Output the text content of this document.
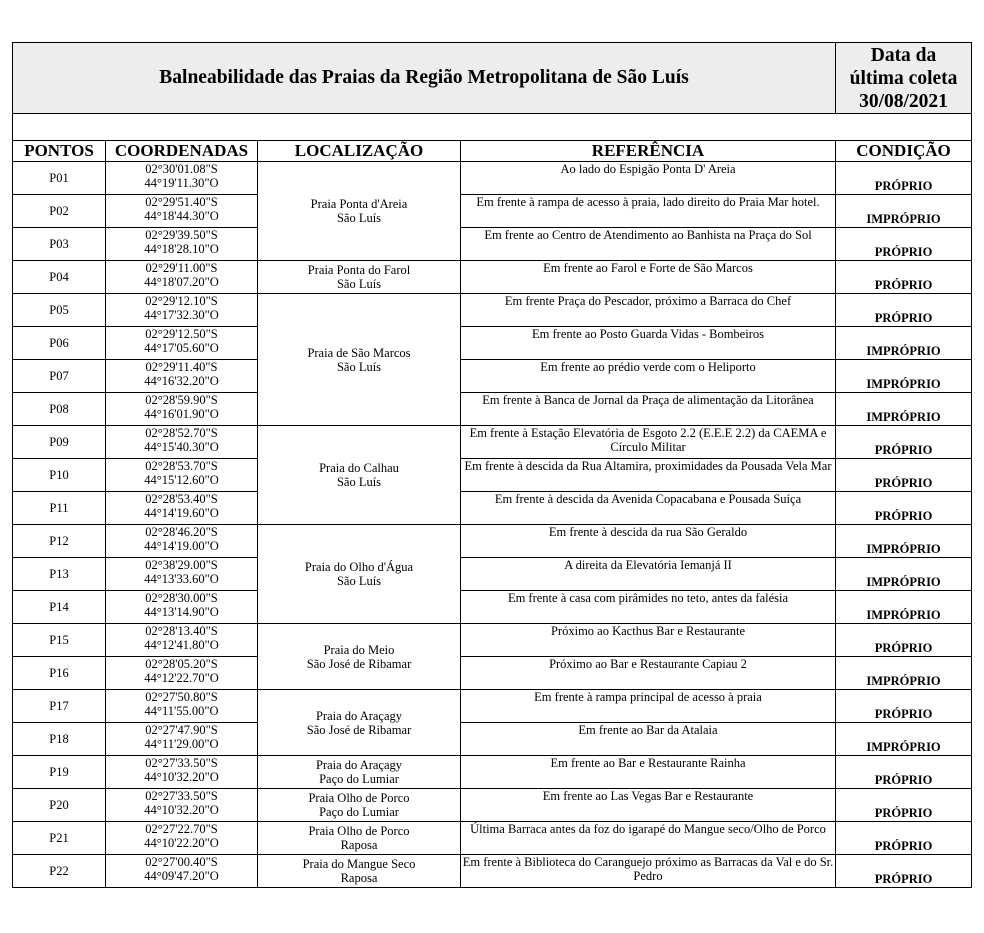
Balneabilidade das Praias da Região Metropolitana de São Luís				Data da
última coleta
30/08/2021

PONTOS	COORDENADAS	LOCALIZAÇÃO	REFERÊNCIA	CONDIÇÃO
P01	02°30'01.08"S
44°19'11.30"O	Praia Ponta d'Areia
São Luís	Ao lado do Espigão Ponta D' Areia	PRÓPRIO
P02	02°29'51.40"S
44°18'44.30"O		Em frente à rampa de acesso à praia, lado direito do Praia Mar hotel.	IMPRÓPRIO
P03	02°29'39.50"S
44°18'28.10"O		Em frente ao Centro de Atendimento ao Banhista na Praça do Sol	PRÓPRIO
P04	02°29'11.00"S
44°18'07.20"O	Praia Ponta do Farol
São Luís	Em frente ao Farol e Forte de São Marcos	PRÓPRIO
P05	02°29'12.10"S
44°17'32.30"O	Praia de São Marcos
São Luís	Em frente Praça do Pescador, próximo a Barraca do Chef	PRÓPRIO
P06	02°29'12.50"S
44°17'05.60"O		Em frente ao Posto Guarda Vidas - Bombeiros	IMPRÓPRIO
P07	02°29'11.40"S
44°16'32.20"O		Em frente ao prédio verde com o Heliporto	IMPRÓPRIO
P08	02°28'59.90"S
44°16'01.90"O		Em frente à Banca de Jornal da Praça de alimentação da Litorânea	IMPRÓPRIO
P09	02°28'52.70"S
44°15'40.30"O	Praia do Calhau
São Luís	Em frente à Estação Elevatória de Esgoto 2.2 (E.E.E 2.2) da CAEMA e Círculo Militar	PRÓPRIO
P10	02°28'53.70"S
44°15'12.60"O		Em frente à descida da Rua Altamira, proximidades da Pousada Vela Mar	PRÓPRIO
P11	02°28'53.40"S
44°14'19.60"O		Em frente à descida da Avenida Copacabana e Pousada Suíça	PRÓPRIO
P12	02°28'46.20"S
44°14'19.00"O	Praia do Olho d'Água
São Luís	Em frente à descida da rua São Geraldo	IMPRÓPRIO
P13	02°38'29.00"S
44°13'33.60"O		A direita da Elevatória Iemanjá II	IMPRÓPRIO
P14	02°28'30.00"S
44°13'14.90"O		Em frente à casa com pirâmides no teto, antes da falésia	IMPRÓPRIO
P15	02°28'13.40"S
44°12'41.80"O	Praia do Meio
São José de Ribamar	Próximo ao Kacthus Bar e Restaurante	PRÓPRIO
P16	02°28'05.20"S
44°12'22.70"O		Próximo ao Bar e Restaurante Capiau 2	IMPRÓPRIO
P17	02°27'50.80"S
44°11'55.00"O	Praia do Araçagy
São José de Ribamar	Em frente à rampa principal de acesso à praia	PRÓPRIO
P18	02°27'47.90"S
44°11'29.00"O		Em frente ao Bar da Atalaia	IMPRÓPRIO
P19	02°27'33.50"S
44°10'32.20"O	Praia do Araçagy
Paço do Lumiar	Em frente ao Bar e Restaurante Rainha	PRÓPRIO
P20	02°27'33.50"S
44°10'32.20"O	Praia Olho de Porco
Paço do Lumiar	Em frente ao Las Vegas Bar e Restaurante	PRÓPRIO
P21	02°27'22.70"S
44°10'22.20"O	Praia Olho de Porco
Raposa	Última Barraca antes da foz do igarapé do Mangue seco/Olho de Porco	PRÓPRIO
P22	02°27'00.40"S
44°09'47.20"O	Praia do Mangue Seco
Raposa	Em frente à Biblioteca do Caranguejo próximo as Barracas da Val e do Sr. Pedro	PRÓPRIO
